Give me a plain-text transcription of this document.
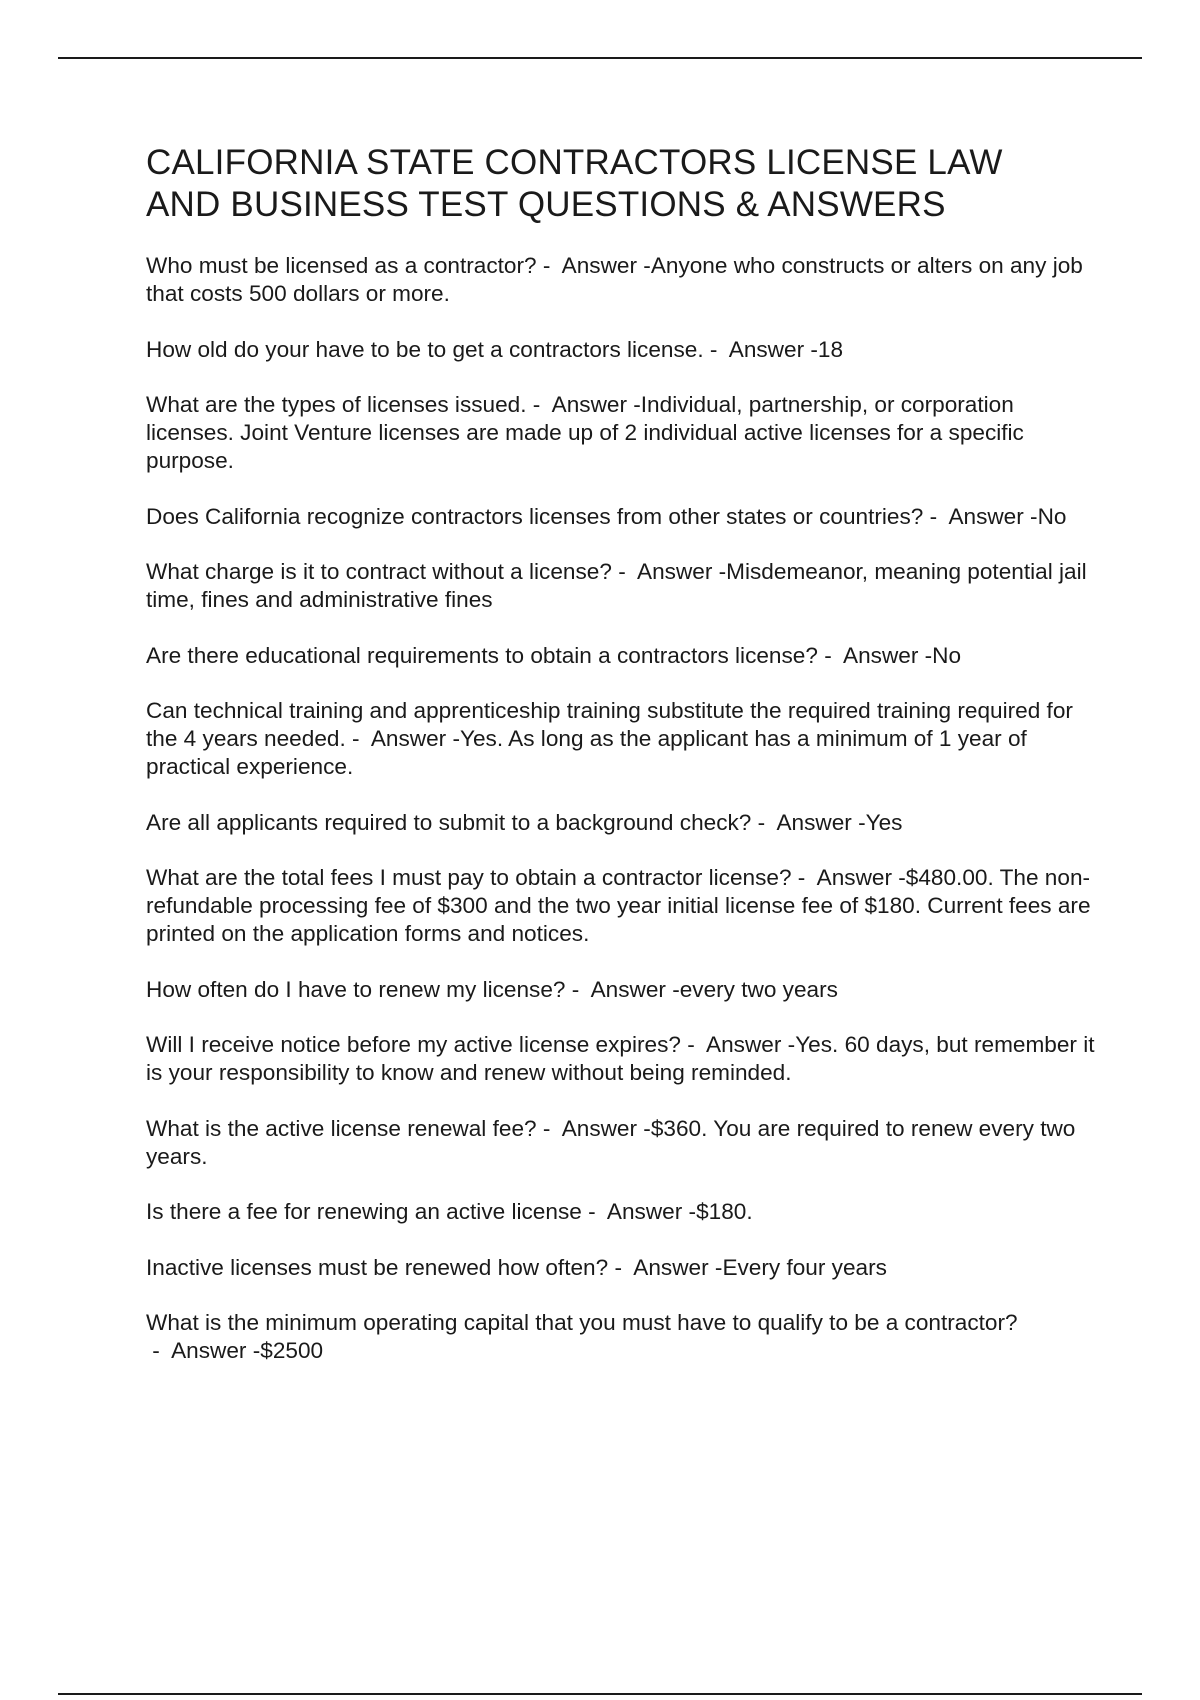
CALIFORNIA STATE CONTRACTORS LICENSE LAW
AND BUSINESS TEST QUESTIONS & ANSWERS

Who must be licensed as a contractor? -  Answer -Anyone who constructs or alters on any job that costs 500 dollars or more.

How old do your have to be to get a contractors license. -  Answer -18

What are the types of licenses issued. -  Answer -Individual, partnership, or corporation licenses. Joint Venture licenses are made up of 2 individual active licenses for a specific purpose.

Does California recognize contractors licenses from other states or countries? -  Answer -No

What charge is it to contract without a license? -  Answer -Misdemeanor, meaning potential jail time, fines and administrative fines

Are there educational requirements to obtain a contractors license? -  Answer -No

Can technical training and apprenticeship training substitute the required training required for the 4 years needed. -  Answer -Yes. As long as the applicant has a minimum of 1 year of practical experience.

Are all applicants required to submit to a background check? -  Answer -Yes

What are the total fees I must pay to obtain a contractor license? -  Answer -$480.00. The non-refundable processing fee of $300 and the two year initial license fee of $180. Current fees are printed on the application forms and notices.

How often do I have to renew my license? -  Answer -every two years

Will I receive notice before my active license expires? -  Answer -Yes. 60 days, but remember it is your responsibility to know and renew without being reminded.

What is the active license renewal fee? -  Answer -$360. You are required to renew every two years.

Is there a fee for renewing an active license -  Answer -$180.

Inactive licenses must be renewed how often? -  Answer -Every four years

What is the minimum operating capital that you must have to qualify to be a contractor? -  Answer -$2500
